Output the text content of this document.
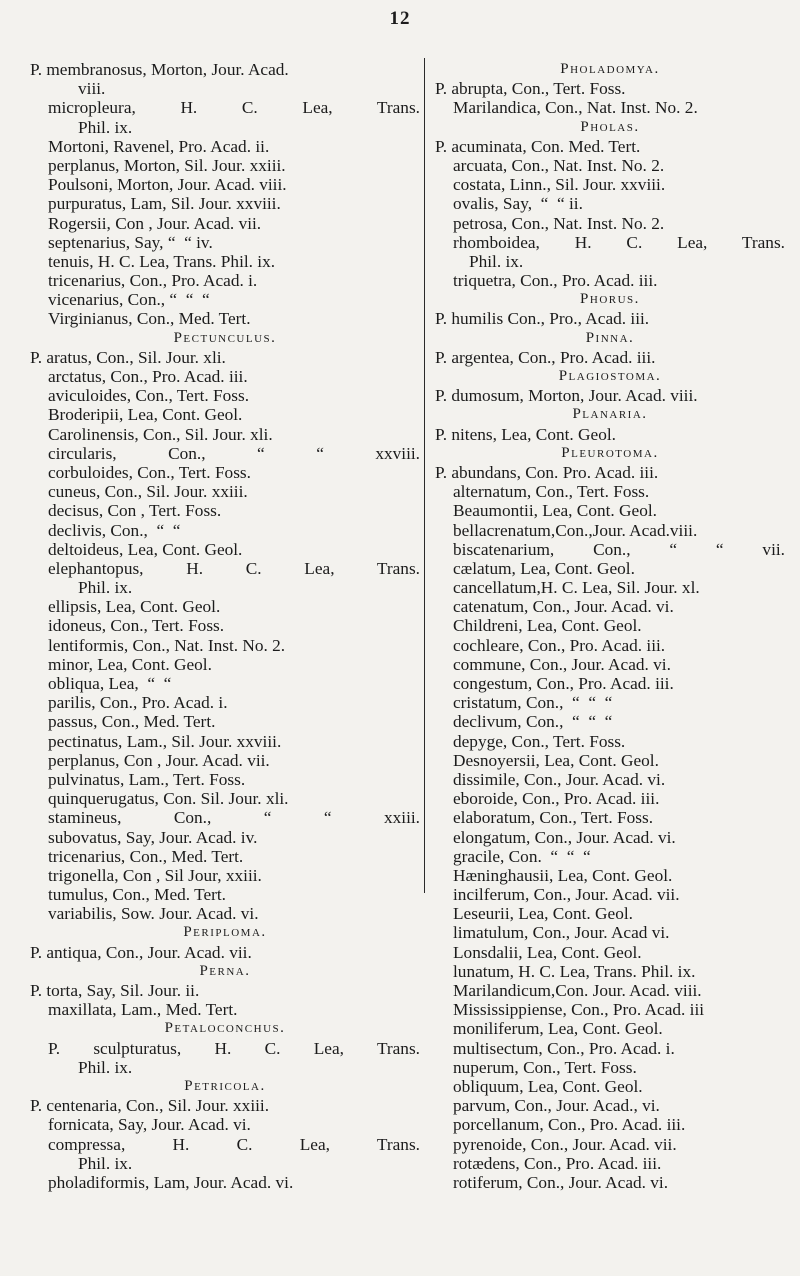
12
P. membranosus, Morton, Jour. Acad.
viii.
micropleura, H. C. Lea, Trans.
Phil. ix.
Mortoni, Ravenel, Pro. Acad. ii.
perplanus, Morton, Sil. Jour. xxiii.
Poulsoni, Morton, Jour. Acad. viii.
purpuratus, Lam, Sil. Jour. xxviii.
Rogersii, Con , Jour. Acad. vii.
septenarius, Say, “  “ iv.
tenuis, H. C. Lea, Trans. Phil. ix.
tricenarius, Con., Pro. Acad. i.
vicenarius, Con., “  “  “
Virginianus, Con., Med. Tert.
Pectunculus.
P. aratus, Con., Sil. Jour. xli.
arctatus, Con., Pro. Acad. iii.
aviculoides, Con., Tert. Foss.
Broderipii, Lea, Cont. Geol.
Carolinensis, Con., Sil. Jour. xli.
circularis, Con., “ “ xxviii.
corbuloides, Con., Tert. Foss.
cuneus, Con., Sil. Jour. xxiii.
decisus, Con , Tert. Foss.
declivis, Con.,  “  “
deltoideus, Lea, Cont. Geol.
elephantopus, H. C. Lea, Trans.
Phil. ix.
ellipsis, Lea, Cont. Geol.
idoneus, Con., Tert. Foss.
lentiformis, Con., Nat. Inst. No. 2.
minor, Lea, Cont. Geol.
obliqua, Lea,  “  “
parilis, Con., Pro. Acad. i.
passus, Con., Med. Tert.
pectinatus, Lam., Sil. Jour. xxviii.
perplanus, Con , Jour. Acad. vii.
pulvinatus, Lam., Tert. Foss.
quinquerugatus, Con. Sil. Jour. xli.
stamineus, Con., “ “ xxiii.
subovatus, Say, Jour. Acad. iv.
tricenarius, Con., Med. Tert.
trigonella, Con , Sil Jour, xxiii.
tumulus, Con., Med. Tert.
variabilis, Sow. Jour. Acad. vi.
Peripl​oma.
P. antiqua, Con., Jour. Acad. vii.
Perna.
P. torta, Say, Sil. Jour. ii.
maxillata, Lam., Med. Tert.
Petaloconchus.
P. sculpturatus, H. C. Lea, Trans.
Phil. ix.
Petricola.
P. centenaria, Con., Sil. Jour. xxiii.
fornicata, Say, Jour. Acad. vi.
compressa, H. C. Lea, Trans.
Phil. ix.
pholadiformis, Lam, Jour. Acad. vi.
Pholadomya.
P. abrupta, Con., Tert. Foss.
Marilandica, Con., Nat. Inst. No. 2.
Pholas.
P. acuminata, Con. Med. Tert.
arcuata, Con., Nat. Inst. No. 2.
costata, Linn., Sil. Jour. xxviii.
ovalis, Say,  “  “ ii.
petrosa, Con., Nat. Inst. No. 2.
rhomboidea, H. C. Lea, Trans.
Phil. ix.
triquetra, Con., Pro. Acad. iii.
Phorus.
P. humilis Con., Pro., Acad. iii.
Pinna.
P. argentea, Con., Pro. Acad. iii.
Plagiostoma.
P. dumosum, Morton, Jour. Acad. viii.
Planaria.
P. nitens, Lea, Cont. Geol.
Pleurotoma.
P. abundans, Con. Pro. Acad. iii.
alternatum, Con., Tert. Foss.
Beaumontii, Lea, Cont. Geol.
bellacrenatum,Con.,Jour. Acad.viii.
biscatenarium, Con., “ “ vii.
cælatum, Lea, Cont. Geol.
cancellatum,H. C. Lea, Sil. Jour. xl.
catenatum, Con., Jour. Acad. vi.
Childreni, Lea, Cont. Geol.
cochleare, Con., Pro. Acad. iii.
commune, Con., Jour. Acad. vi.
congestum, Con., Pro. Acad. iii.
cristatum, Con.,  “  “  “
declivum, Con.,  “  “  “
depyge, Con., Tert. Foss.
Desnoyersii, Lea, Cont. Geol.
dissimile, Con., Jour. Acad. vi.
eboroide, Con., Pro. Acad. iii.
elaboratum, Con., Tert. Foss.
elongatum, Con., Jour. Acad. vi.
gracile, Con.  “  “  “
Hæninghausii, Lea, Cont. Geol.
incilferum, Con., Jour. Acad. vii.
Leseurii, Lea, Cont. Geol.
limatulum, Con., Jour. Acad vi.
Lonsdalii, Lea, Cont. Geol.
lunatum, H. C. Lea, Trans. Phil. ix.
Marilandicum,Con. Jour. Acad. viii.
Mississippiense, Con., Pro. Acad. iii
moniliferum, Lea, Cont. Geol.
multisectum, Con., Pro. Acad. i.
nuperum, Con., Tert. Foss.
obliquum, Lea, Cont. Geol.
parvum, Con., Jour. Acad., vi.
porcellanum, Con., Pro. Acad. iii.
pyrenoide, Con., Jour. Acad. vii.
rotædens, Con., Pro. Acad. iii.
rotiferum, Con., Jour. Acad. vi.
